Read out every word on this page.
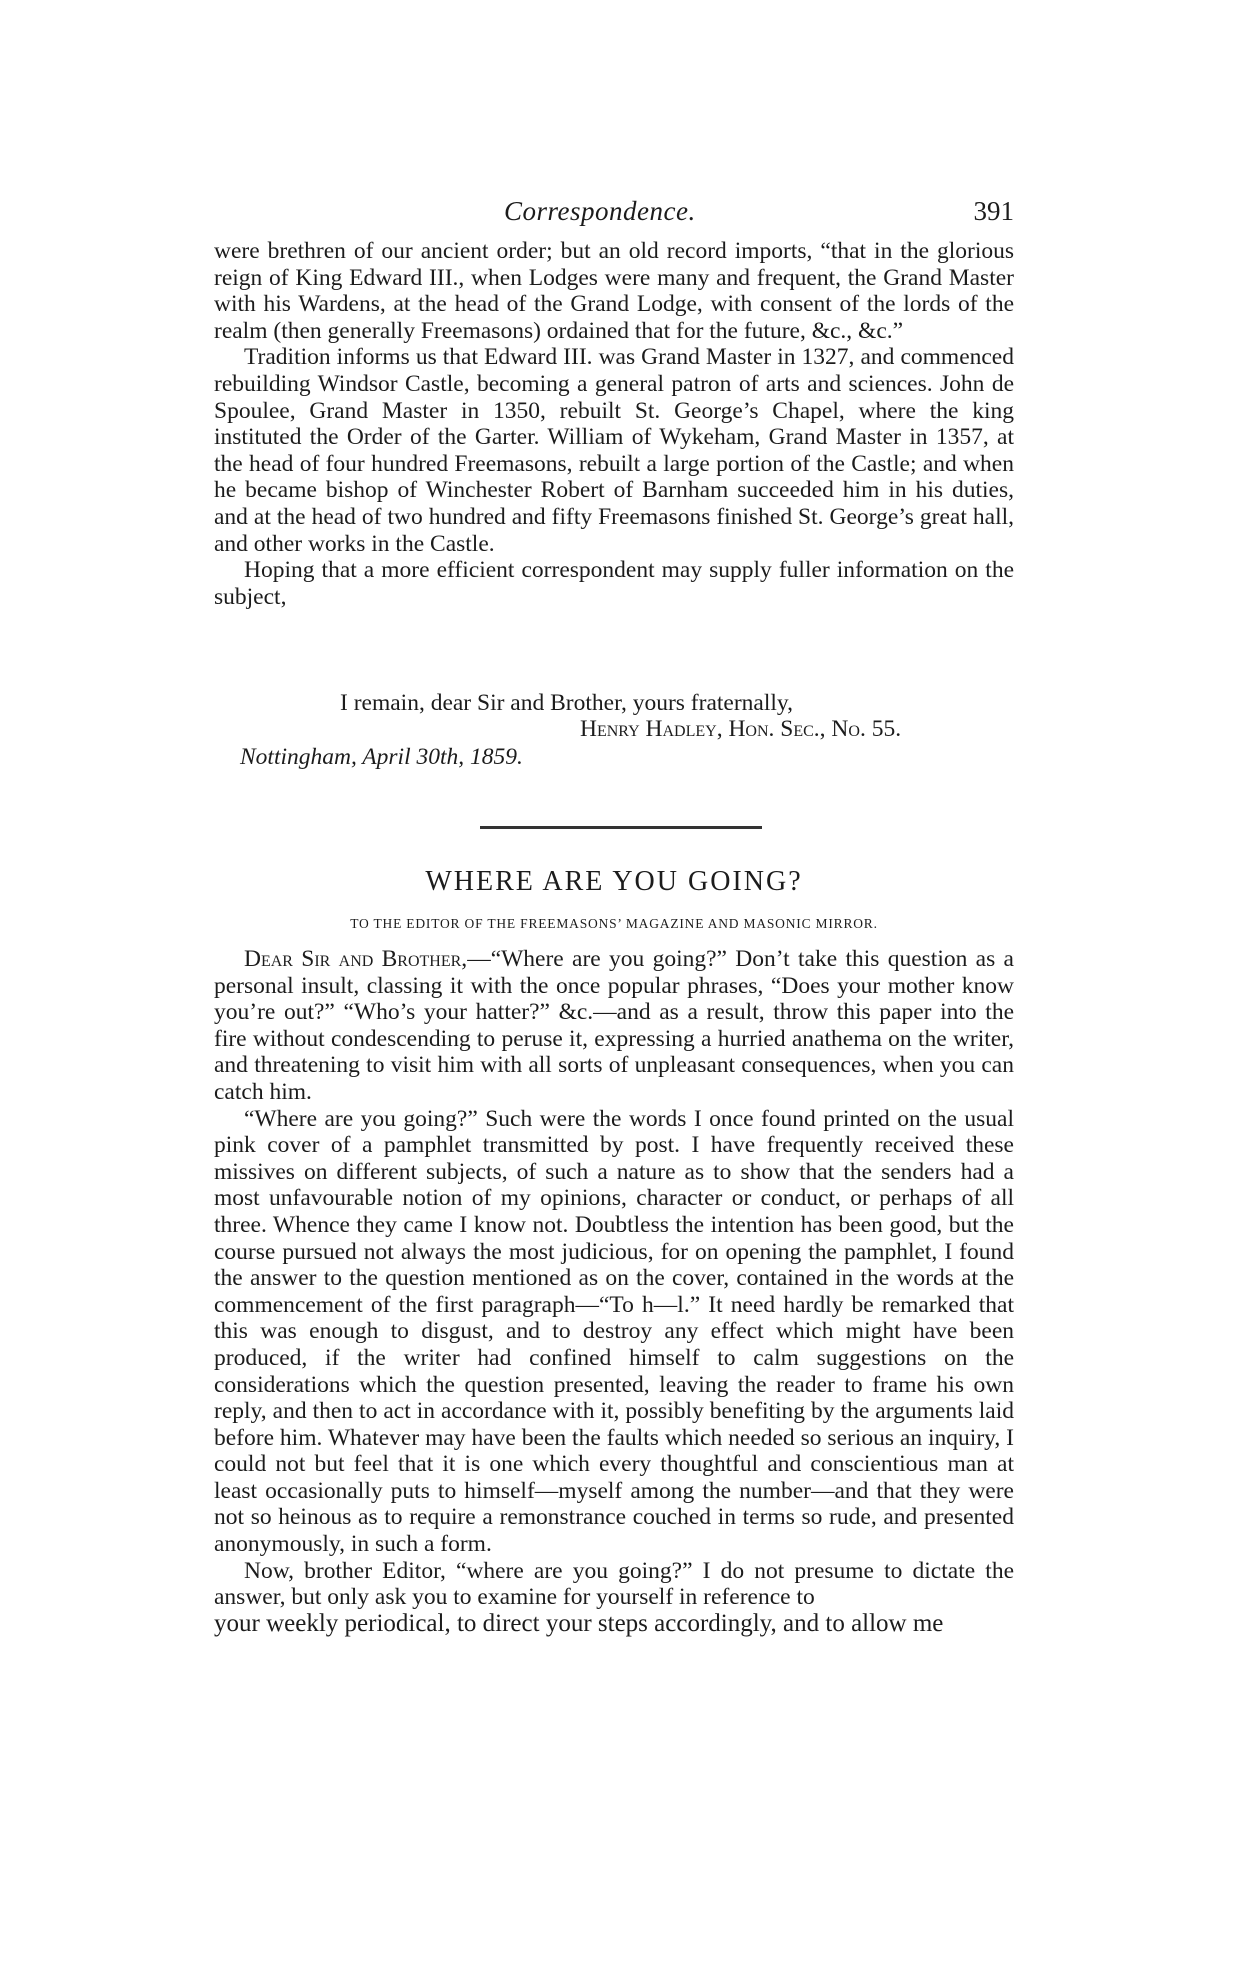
Correspondence.	391

were brethren of our ancient order; but an old record imports, “that in the glorious reign of King Edward III., when Lodges were many and frequent, the Grand Master with his Wardens, at the head of the Grand Lodge, with consent of the lords of the realm (then generally Freemasons) ordained that for the future, &c., &c.”

Tradition informs us that Edward III. was Grand Master in 1327, and commenced rebuilding Windsor Castle, becoming a general patron of arts and sciences. John de Spoulee, Grand Master in 1350, rebuilt St. George’s Chapel, where the king instituted the Order of the Garter. William of Wykeham, Grand Master in 1357, at the head of four hundred Freemasons, rebuilt a large portion of the Castle; and when he became bishop of Winchester Robert of Barnham succeeded him in his duties, and at the head of two hundred and fifty Freemasons finished St. George’s great hall, and other works in the Castle.

Hoping that a more efficient correspondent may supply fuller information on the subject,

I remain, dear Sir and Brother, yours fraternally,
Henry Hadley, Hon. Sec., No. 55.
Nottingham, April 30th, 1859.
WHERE ARE YOU GOING?
TO THE EDITOR OF THE FREEMASONS’ MAGAZINE AND MASONIC MIRROR.

Dear Sir and Brother,—“Where are you going?” Don’t take this question as a personal insult, classing it with the once popular phrases, “Does your mother know you’re out?” “Who’s your hatter?” &c.—and as a result, throw this paper into the fire without condescending to peruse it, expressing a hurried anathema on the writer, and threatening to visit him with all sorts of unpleasant consequences, when you can catch him.

“Where are you going?” Such were the words I once found printed on the usual pink cover of a pamphlet transmitted by post. I have frequently received these missives on different subjects, of such a nature as to show that the senders had a most unfavourable notion of my opinions, character or conduct, or perhaps of all three. Whence they came I know not. Doubtless the intention has been good, but the course pursued not always the most judicious, for on opening the pamphlet, I found the answer to the question mentioned as on the cover, contained in the words at the commencement of the first paragraph—“To h—l.” It need hardly be remarked that this was enough to disgust, and to destroy any effect which might have been produced, if the writer had confined himself to calm suggestions on the considerations which the question presented, leaving the reader to frame his own reply, and then to act in accordance with it, possibly benefiting by the arguments laid before him. Whatever may have been the faults which needed so serious an inquiry, I could not but feel that it is one which every thoughtful and conscientious man at least occasionally puts to himself—myself among the number—and that they were not so heinous as to require a remonstrance couched in terms so rude, and presented anonymously, in such a form.

Now, brother Editor, “where are you going?” I do not presume to dictate the answer, but only ask you to examine for yourself in reference to

your weekly periodical, to direct your steps accordingly, and to allow me
